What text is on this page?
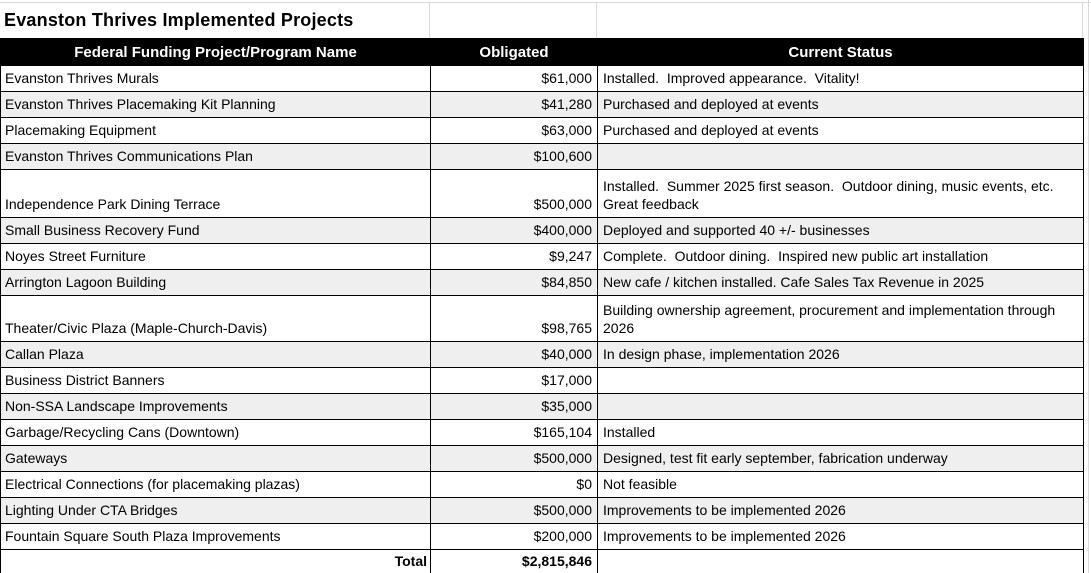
Evanston Thrives Implemented Projects
Federal Funding Project/Program Name	Obligated	Current Status
Evanston Thrives Murals	$61,000	Installed.  Improved appearance.  Vitality!
Evanston Thrives Placemaking Kit Planning	$41,280	Purchased and deployed at events
Placemaking Equipment	$63,000	Purchased and deployed at events
Evanston Thrives Communications Plan	$100,600	
Independence Park Dining Terrace	$500,000	Installed.  Summer 2025 first season.  Outdoor dining, music events, etc.  Great feedback
Small Business Recovery Fund	$400,000	Deployed and supported 40 +/- businesses
Noyes Street Furniture	$9,247	Complete.  Outdoor dining.  Inspired new public art installation
Arrington Lagoon Building	$84,850	New cafe / kitchen installed. Cafe Sales Tax Revenue in 2025
Theater/Civic Plaza (Maple-Church-Davis)	$98,765	Building ownership agreement, procurement and implementation through 2026
Callan Plaza	$40,000	In design phase, implementation 2026
Business District Banners	$17,000	
Non-SSA Landscape Improvements	$35,000	
Garbage/Recycling Cans (Downtown)	$165,104	Installed
Gateways	$500,000	Designed, test fit early september, fabrication underway
Electrical Connections (for placemaking plazas)	$0	Not feasible
Lighting Under CTA Bridges	$500,000	Improvements to be implemented 2026
Fountain Square South Plaza Improvements	$200,000	Improvements to be implemented 2026
Total	$2,815,846	
